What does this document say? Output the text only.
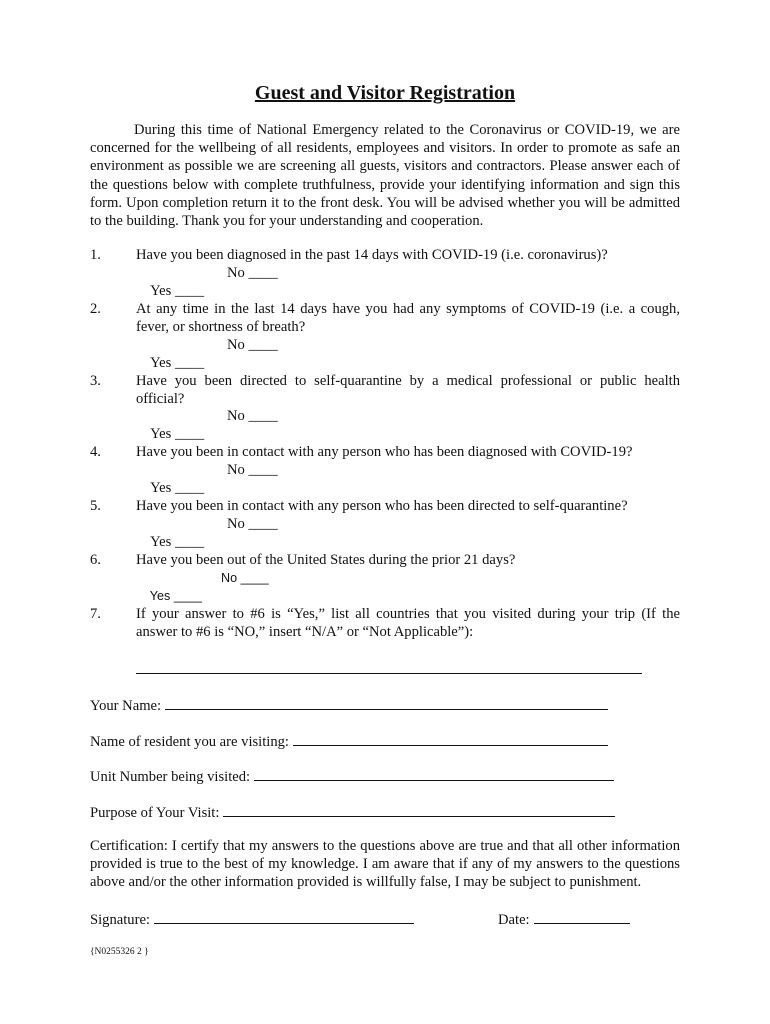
Guest and Visitor Registration
During this time of National Emergency related to the Coronavirus or COVID-19, we are concerned for the wellbeing of all residents, employees and visitors. In order to promote as safe an environment as possible we are screening all guests, visitors and contractors. Please answer each of the questions below with complete truthfulness, provide your identifying information and sign this form. Upon completion return it to the front desk. You will be advised whether you will be admitted to the building. Thank you for your understanding and cooperation.
1. Have you been diagnosed in the past 14 days with COVID-19 (i.e. coronavirus)?

Yes ____

No ____

2. At any time in the last 14 days have you had any symptoms of COVID-19 (i.e. a cough, fever, or shortness of breath?

Yes ____

No ____

3. Have you been directed to self-quarantine by a medical professional or public health official?

Yes ____

No ____

4. Have you been in contact with any person who has been diagnosed with COVID-19?

Yes ____

No ____

5. Have you been in contact with any person who has been directed to self-quarantine?

Yes ____

No ____

6. Have you been out of the United States during the prior 21 days?

Yes ____

No ____

7. If your answer to #6 is “Yes,” list all countries that you visited during your trip (If the answer to #6 is “NO,” insert “N/A” or “Not Applicable”):
Your Name:
Name of resident you are visiting:
Unit Number being visited:
Purpose of Your Visit:
Certification: I certify that my answers to the questions above are true and that all other information provided is true to the best of my knowledge. I am aware that if any of my answers to the questions above and/or the other information provided is willfully false, I may be subject to punishment.
Signature:	Date:
{N0255326 2 }
